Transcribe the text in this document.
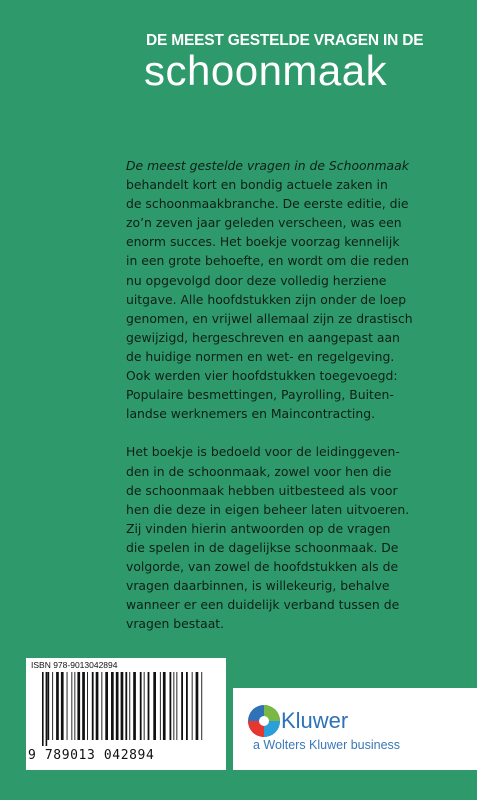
DE MEEST GESTELDE VRAGEN IN DE
schoonmaak
De meest gestelde vragen in de Schoonmaak
behandelt kort en bondig actuele zaken in
de schoonmaakbranche. De eerste editie, die
zo’n zeven jaar geleden verscheen, was een
enorm succes. Het boekje voorzag kennelijk
in een grote behoefte, en wordt om die reden
nu opgevolgd door deze volledig herziene
uitgave. Alle hoofdstukken zijn onder de loep
genomen, en vrijwel allemaal zijn ze drastisch
gewijzigd, hergeschreven en aangepast aan
de huidige normen en wet- en regelgeving.
Ook werden vier hoofdstukken toegevoegd:
Populaire besmettingen, Payrolling, Buiten-
landse werknemers en Maincontracting.
Het boekje is bedoeld voor de leidinggeven-
den in de schoonmaak, zowel voor hen die
de schoonmaak hebben uitbesteed als voor
hen die deze in eigen beheer laten uitvoeren.
Zij vinden hierin antwoorden op de vragen
die spelen in de dagelijkse schoonmaak. De
volgorde, van zowel de hoofdstukken als de
vragen daarbinnen, is willekeurig, behalve
wanneer er een duidelijk verband tussen de
vragen bestaat.
ISBN 978-9013042894
9 789013 042894
Kluwer
a Wolters Kluwer business
